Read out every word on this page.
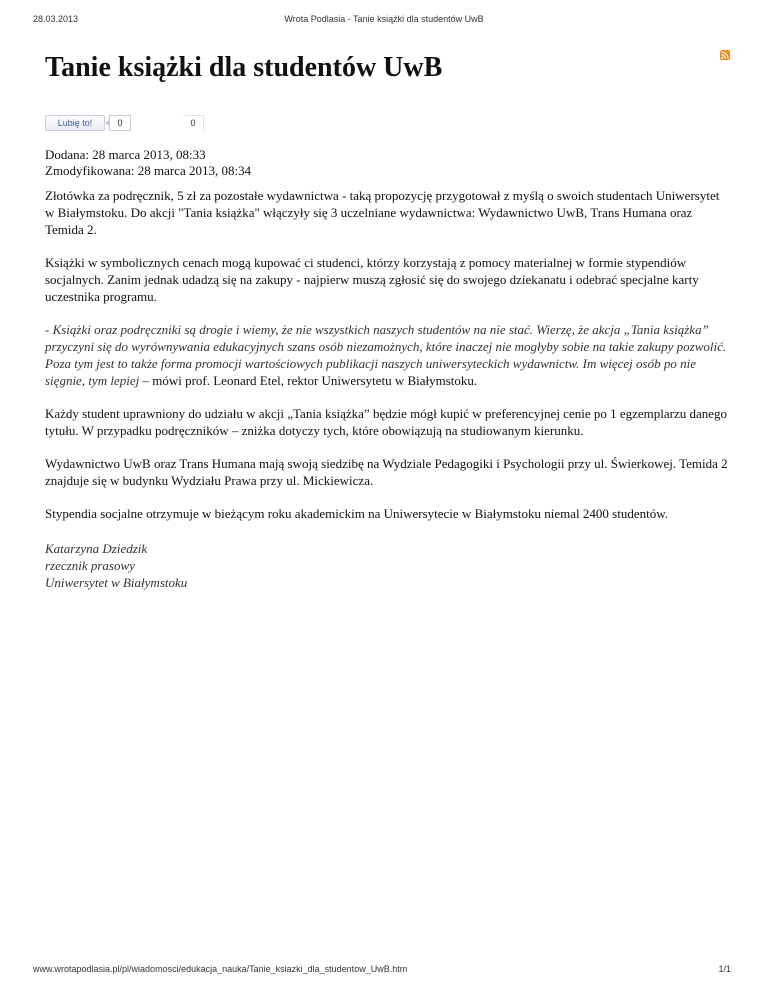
28.03.2013	Wrota Podlasia - Tanie książki dla studentów UwB
Tanie książki dla studentów UwB
Lubię to!	0	0
Dodana: 28 marca 2013, 08:33
Zmodyfikowana: 28 marca 2013, 08:34

Złotówka za podręcznik, 5 zł za pozostałe wydawnictwa - taką propozycję przygotował z myślą o swoich studentach Uniwersytet w Białymstoku. Do akcji "Tania książka" włączyły się 3 uczelniane wydawnictwa: Wydawnictwo UwB, Trans Humana oraz Temida 2.

Książki w symbolicznych cenach mogą kupować ci studenci, którzy korzystają z pomocy materialnej w formie stypendiów socjalnych. Zanim jednak udadzą się na zakupy - najpierw muszą zgłosić się do swojego dziekanatu i odebrać specjalne karty uczestnika programu.

- Książki oraz podręczniki są drogie i wiemy, że nie wszystkich naszych studentów na nie stać. Wierzę, że akcja „Tania książka” przyczyni się do wyrównywania edukacyjnych szans osób niezamożnych, które inaczej nie mogłyby sobie na takie zakupy pozwolić. Poza tym jest to także forma promocji wartościowych publikacji naszych uniwersyteckich wydawnictw. Im więcej osób po nie sięgnie, tym lepiej – mówi prof. Leonard Etel, rektor Uniwersytetu w Białymstoku.

Każdy student uprawniony do udziału w akcji „Tania książka” będzie mógł kupić w preferencyjnej cenie po 1 egzemplarzu danego tytułu. W przypadku podręczników – zniżka dotyczy tych, które obowiązują na studiowanym kierunku.

Wydawnictwo UwB oraz Trans Humana mają swoją siedzibę na Wydziale Pedagogiki i Psychologii przy ul. Świerkowej. Temida 2 znajduje się w budynku Wydziału Prawa przy ul. Mickiewicza.

Stypendia socjalne otrzymuje w bieżącym roku akademickim na Uniwersytecie w Białymstoku niemal 2400 studentów.

Katarzyna Dziedzik
rzecznik prasowy
Uniwersytet w Białymstoku
www.wrotapodlasia.pl/pl/wiadomosci/edukacja_nauka/Tanie_ksiazki_dla_studentow_UwB.htm	1/1
